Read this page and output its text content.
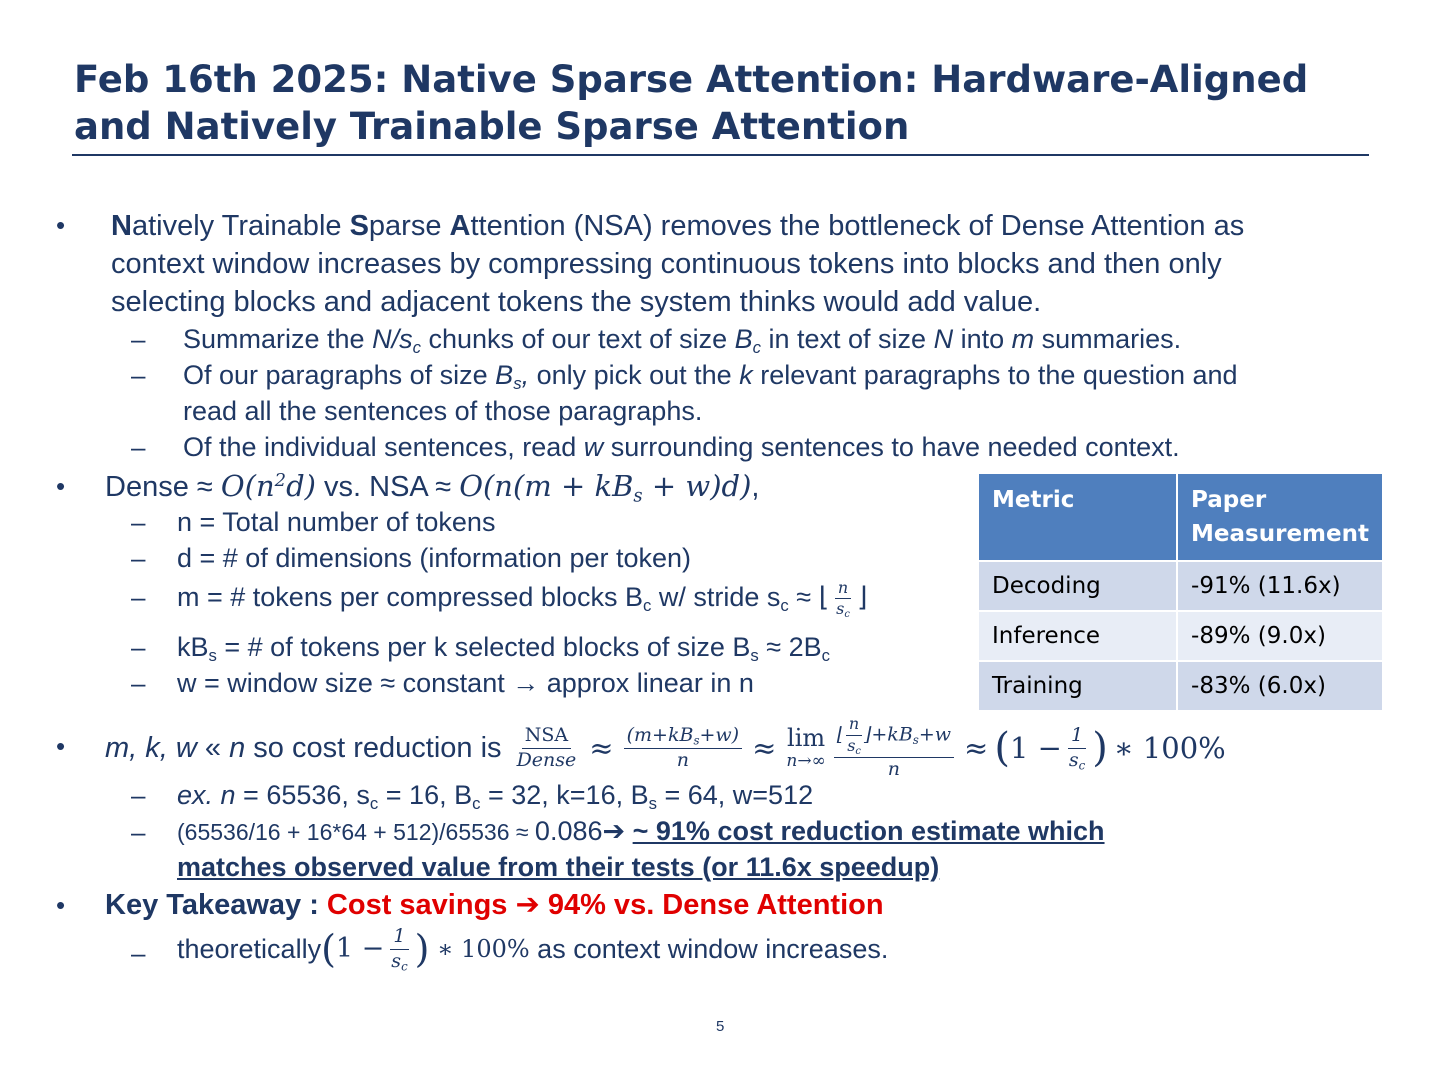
Feb 16th 2025: Native Sparse Attention: Hardware-Aligned and Natively Trainable Sparse Attention
• Natively Trainable Sparse Attention (NSA) removes the bottleneck of Dense Attention as
context window increases by compressing continuous tokens into blocks and then only
selecting blocks and adjacent tokens the system thinks would add value.
– Summarize the $N/s_c$ chunks of our text of size $B_c$ in text of size N into m summaries.
– Of our paragraphs of size $B_s$, only pick out the k relevant paragraphs to the question and
read all the sentences of those paragraphs.
– Of the individual sentences, read w surrounding sentences to have needed context.
• Dense ≈ $O(n^2d)$ vs. NSA ≈ $O(n(m + kB_s + w)d)$,
– n = Total number of tokens
– d = # of dimensions (information per token)
– m = # tokens per compressed blocks $B_c$ w/ stride $s_c$ ≈ ⌊ $\frac{n}{s_c}$ ⌋
– $kB_s$ = # of tokens per k selected blocks of size $B_s \approx 2B_c$
– w = window size ≈ constant → approx linear in n
Metric	Paper
Measurement
Decoding	-91% (11.6x)
Inference	-89% (9.0x)
Training	-83% (6.0x)
• m, k, w « n so cost reduction is $\frac{\text{NSA}}{\text{Dense}} \approx \frac{(m+kB_s+w)}{n} \approx \lim$
$n\to\infty \frac{⌊ \frac{n}{s_c} ⌋+kB_s+w}{n}$ ≈ ( $1 - \frac{1}{s_c}$ ) ∗ 100%
– ex. n = 65536, $s_c = 16$, $B_c = 32$, k=16, $B_s = 64$, w=512
– (65536/16 + 16*64 + 512)/65536 ≈ 0.086➔ ~ 91% cost reduction estimate which
matches observed value from their tests (or 11.6x speedup)
• Key Takeaway : Cost savings ➔ 94% vs. Dense Attention
– theoretically ( $1 - \frac{1}{s_c}$ ) ∗ 100% as context window increases.
5
